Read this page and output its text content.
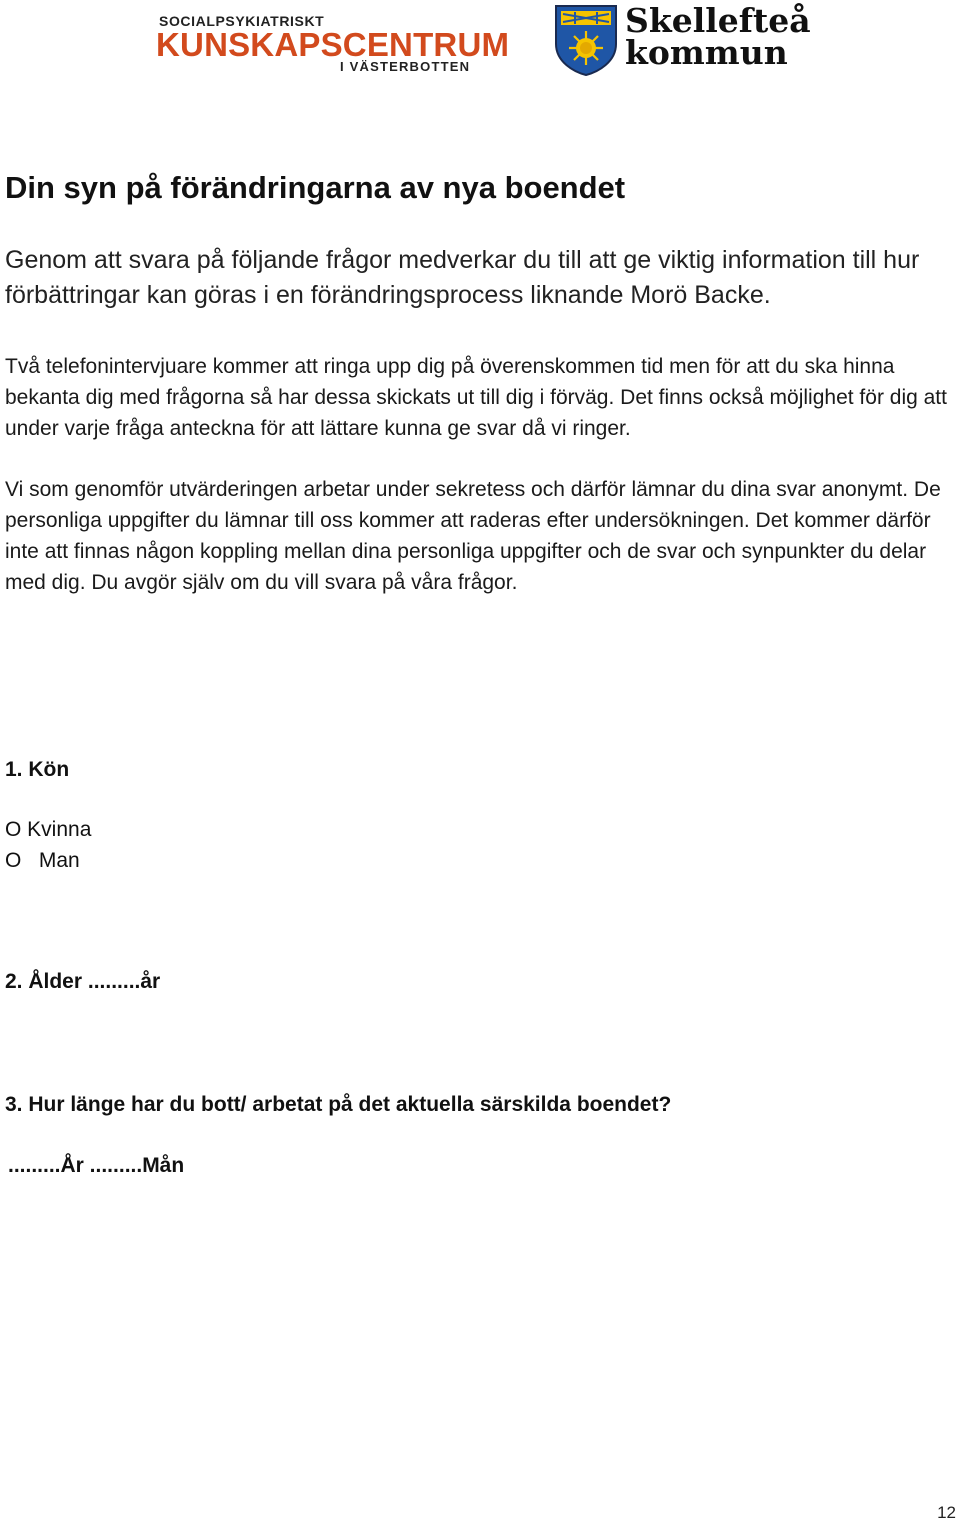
SOCIALPSYKIATRISKT
KUNSKAPSCENTRUM
I VÄSTERBOTTEN
Skellefteå
kommun
Din syn på förändringarna av nya boendet
Genom att svara på följande frågor medverkar du till att ge viktig information till hur förbättringar kan göras i en förändringsprocess liknande Morö Backe.
Två telefonintervjuare kommer att ringa upp dig på överenskommen tid men för att du ska hinna bekanta dig med frågorna så har dessa skickats ut till dig i förväg. Det finns också möjlighet för dig att under varje fråga anteckna för att lättare kunna ge svar då vi ringer.
Vi som genomför utvärderingen arbetar under sekretess och därför lämnar du dina svar anonymt. De personliga uppgifter du lämnar till oss kommer att raderas efter undersökningen. Det kommer därför inte att finnas någon koppling mellan dina personliga uppgifter och de svar och synpunkter du delar med dig. Du avgör själv om du vill svara på våra frågor.
1. Kön
O Kvinna
O   Man
2. Ålder .........år
3. Hur länge har du bott/ arbetat på det aktuella särskilda boendet?
.........År .........Mån
12
